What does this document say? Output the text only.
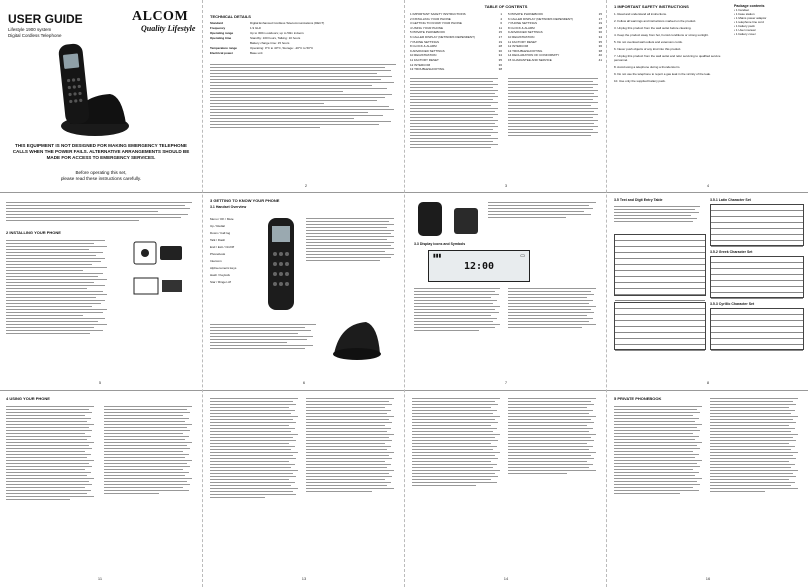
USER GUIDE
Lifestyle 1900 system
Digital Cordless Telephone
ALCOM
Quality Lifestyle
THIS EQUIPMENT IS NOT DESIGNED FOR MAKING EMERGENCY TELEPHONE CALLS WHEN THE POWER FAILS. ALTERNATIVE ARRANGEMENTS SHOULD BE MADE FOR ACCESS TO EMERGENCY SERVICES.
Before operating this set,
please read these instructions carefully.
TECHNICAL DETAILS
Standard	Digital Enhanced Cordless Telecommunications (DECT)
Frequency	1.9 GHz
Operating range	Up to 300m outdoors; up to 50m indoors
Operating time	Standby: 100 hours, Talking: 10 hours
Battery charge time: 15 hours
Temperature range	Operating: 0°C to 40°C, Storage: -20°C to 50°C
Electrical power	Base unit
2
TABLE OF CONTENTS
1 IMPORTANT SAFETY INSTRUCTIONS	1
2 INSTALLING YOUR PHONE	4
3 GETTING TO KNOW YOUR PHONE	6
4 USING YOUR PHONE	11
5 PRIVATE PHONEBOOK	15
6 CALLER DISPLAY (NETWORK DEPENDENT)	17
7 PHONE SETTINGS	19
8 CLOCK & ALARM	28
9 ADVANCED SETTINGS	30
10 REGISTRATION	34
11 FACTORY RESET	35
12 INTERCOM	36
13 TROUBLESHOOTING	38
5 PRIVATE PHONEBOOK	15
6 CALLER DISPLAY (NETWORK DEPENDENT)	17
7 PHONE SETTINGS	19
8 CLOCK & ALARM	28
9 ADVANCED SETTINGS	30
10 REGISTRATION	34
11 FACTORY RESET	35
12 INTERCOM	36
13 TROUBLESHOOTING	38
14 DECLARATION OF CONFORMITY	40
15 GUARANTEE AND SERVICE	41
3
1 IMPORTANT SAFETY INSTRUCTIONS
1. Read and understand all instructions.
2. Follow all warnings and instructions marked on the product.
3. Unplug this product from the wall outlet before cleaning.
4. Keep the product away from hot, humid conditions or strong sunlight.
5. Do not overload wall outlets and extension cords.
6. Never push objects of any kind into this product.
7. Unplug this product from the wall outlet and refer servicing to qualified service personnel.
8. Avoid using a telephone during a thunderstorm.
9. Do not use the telephone to report a gas leak in the vicinity of the leak.
10. Use only the supplied battery pack.
Package contents
• 1 handset
• 1 base station
• 1 Mains power adaptor
• 1 telephone line cord
• 1 battery pack
• 1 User manual
• 1 battery cover
4
2 INSTALLING YOUR PHONE
5
3 GETTING TO KNOW YOUR PHONE
3.1 Handset Overview
Menu / OK / Mute
Up / Redial
Down / Call log
Talk / Flash
End / Exit / On/Off
Phonebook
Intercom
Alpha-numeric keys
Hash / Keylock
Star / Ringer off
6
3.3 Display icons and Symbols
▮▮▮	▭
12:00
7
3.5 Text and Digit Entry Table	3.5.1 Latin Character Set
3.5.2 Greek Character Set
3.5.3 Cyrillic Character Set
8
4 USING YOUR PHONE
11	13	14
5 PRIVATE PHONEBOOK
16
